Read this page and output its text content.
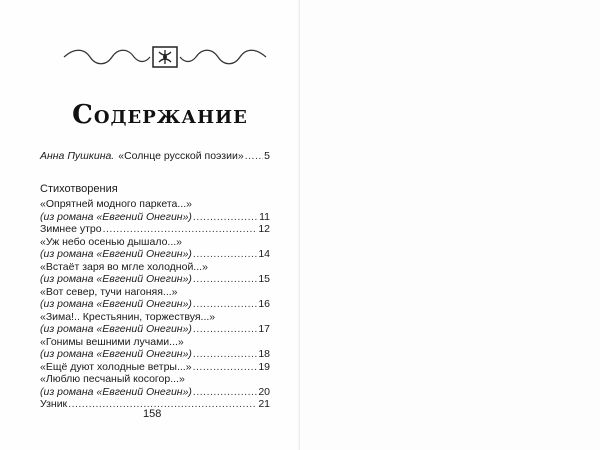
Содержание
Анна Пушкина. «Солнце русской поэзии» ..... 5
Стихотворения
«Опрятней модного паркета...»
(из романа «Евгений Онегин») .....	11
Зимнее утро .....	12
«Уж небо осенью дышало...»
(из романа «Евгений Онегин») .....	14
«Встаёт заря во мгле холодной...»
(из романа «Евгений Онегин») .....	15
«Вот север, тучи нагоняя...»
(из романа «Евгений Онегин») .....	16
«Зима!.. Крестьянин, торжествуя...»
(из романа «Евгений Онегин») .....	17
«Гонимы вешними лучами...»
(из романа «Евгений Онегин») .....	18
«Ещё дуют холодные ветры...» .....	19
«Люблю песчаный косогор...»
(из романа «Евгений Онегин») .....	20
Узник .....	21
158
